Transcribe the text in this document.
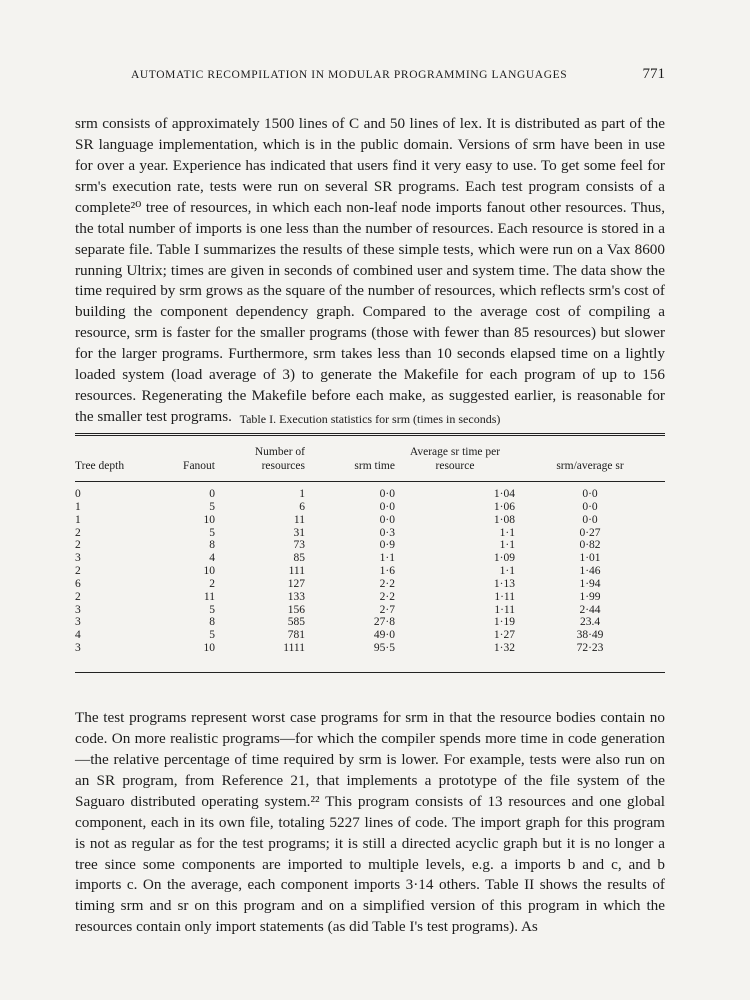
AUTOMATIC RECOMPILATION IN MODULAR PROGRAMMING LANGUAGES	771

srm consists of approximately 1500 lines of C and 50 lines of lex. It is distributed as part of the SR language implementation, which is in the public domain. Versions of srm have been in use for over a year. Experience has indicated that users find it very easy to use. To get some feel for srm's execution rate, tests were run on several SR programs. Each test program consists of a complete²⁰ tree of resources, in which each non-leaf node imports fanout other resources. Thus, the total number of imports is one less than the number of resources. Each resource is stored in a separate file. Table I summarizes the results of these simple tests, which were run on a Vax 8600 running Ultrix; times are given in seconds of combined user and system time. The data show the time required by srm grows as the square of the number of resources, which reflects srm's cost of building the component dependency graph. Compared to the average cost of compiling a resource, srm is faster for the smaller programs (those with fewer than 85 resources) but slower for the larger programs. Furthermore, srm takes less than 10 seconds elapsed time on a lightly loaded system (load average of 3) to generate the Makefile for each program of up to 156 resources. Regenerating the Makefile before each make, as suggested earlier, is reasonable for the smaller test programs. Table I. Execution statistics for srm (times in seconds)
Tree depth	Fanout	Number of resources	srm time	Average sr time per resource	srm/average sr
0	0	1	0·0	1·04	0·0
1	5	6	0·0	1·06	0·0
1	10	11	0·0	1·08	0·0
2	5	31	0·3	1·1	0·27
2	8	73	0·9	1·1	0·82
3	4	85	1·1	1·09	1·01
2	10	111	1·6	1·1	1·46
6	2	127	2·2	1·13	1·94
2	11	133	2·2	1·11	1·99
3	5	156	2·7	1·11	2·44
3	8	585	27·8	1·19	23.4
4	5	781	49·0	1·27	38·49
3	10	1111	95·5	1·32	72·23

The test programs represent worst case programs for srm in that the resource bodies contain no code. On more realistic programs—for which the compiler spends more time in code generation—the relative percentage of time required by srm is lower. For example, tests were also run on an SR program, from Reference 21, that implements a prototype of the file system of the Saguaro distributed operating system.²² This program consists of 13 resources and one global component, each in its own file, totaling 5227 lines of code. The import graph for this program is not as regular as for the test programs; it is still a directed acyclic graph but it is no longer a tree since some components are imported to multiple levels, e.g. a imports b and c, and b imports c. On the average, each component imports 3·14 others. Table II shows the results of timing srm and sr on this program and on a simplified version of this program in which the resources contain only import statements (as did Table I's test programs). As
